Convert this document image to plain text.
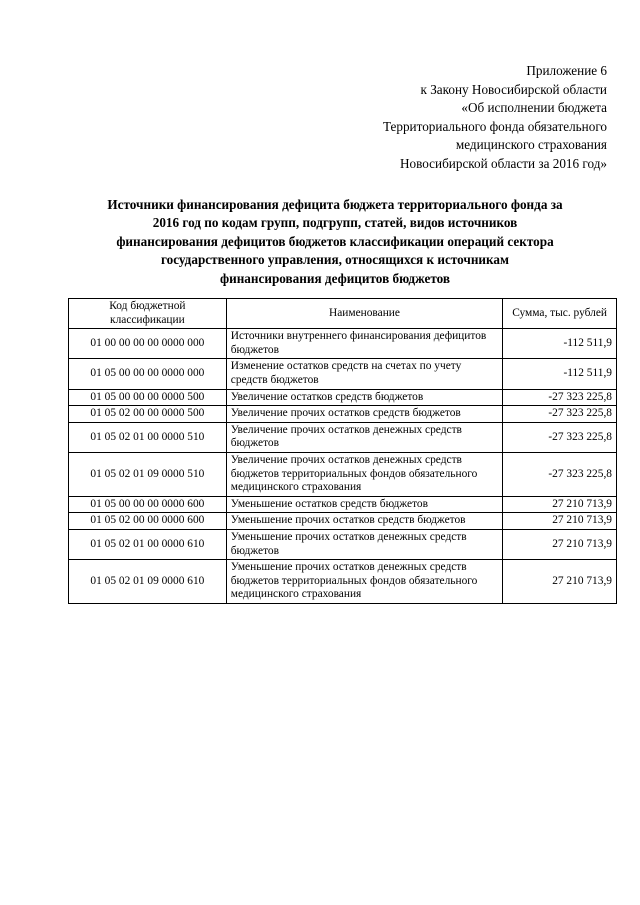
Приложение 6
к Закону Новосибирской области
«Об исполнении бюджета
Территориального фонда обязательного
медицинского страхования
Новосибирской области за 2016 год»
Источники финансирования дефицита бюджета территориального фонда за
2016 год по кодам групп, подгрупп, статей, видов источников
финансирования дефицитов бюджетов классификации операций сектора
государственного управления, относящихся к источникам
финансирования дефицитов бюджетов
Код бюджетной классификации	Наименование	Сумма, тыс. рублей
01 00 00 00 00 0000 000	Источники внутреннего финансирования дефицитов бюджетов	-112 511,9
01 05 00 00 00 0000 000	Изменение остатков средств на счетах по учету средств бюджетов	-112 511,9
01 05 00 00 00 0000 500	Увеличение остатков средств бюджетов	-27 323 225,8
01 05 02 00 00 0000 500	Увеличение прочих остатков средств бюджетов	-27 323 225,8
01 05 02 01 00 0000 510	Увеличение прочих остатков денежных средств бюджетов	-27 323 225,8
01 05 02 01 09 0000 510	Увеличение прочих остатков денежных средств бюджетов территориальных фондов обязательного медицинского страхования	-27 323 225,8
01 05 00 00 00 0000 600	Уменьшение остатков средств бюджетов	27 210 713,9
01 05 02 00 00 0000 600	Уменьшение прочих остатков средств бюджетов	27 210 713,9
01 05 02 01 00 0000 610	Уменьшение прочих остатков денежных средств бюджетов	27 210 713,9
01 05 02 01 09 0000 610	Уменьшение прочих остатков денежных средств бюджетов территориальных фондов обязательного медицинского страхования	27 210 713,9
